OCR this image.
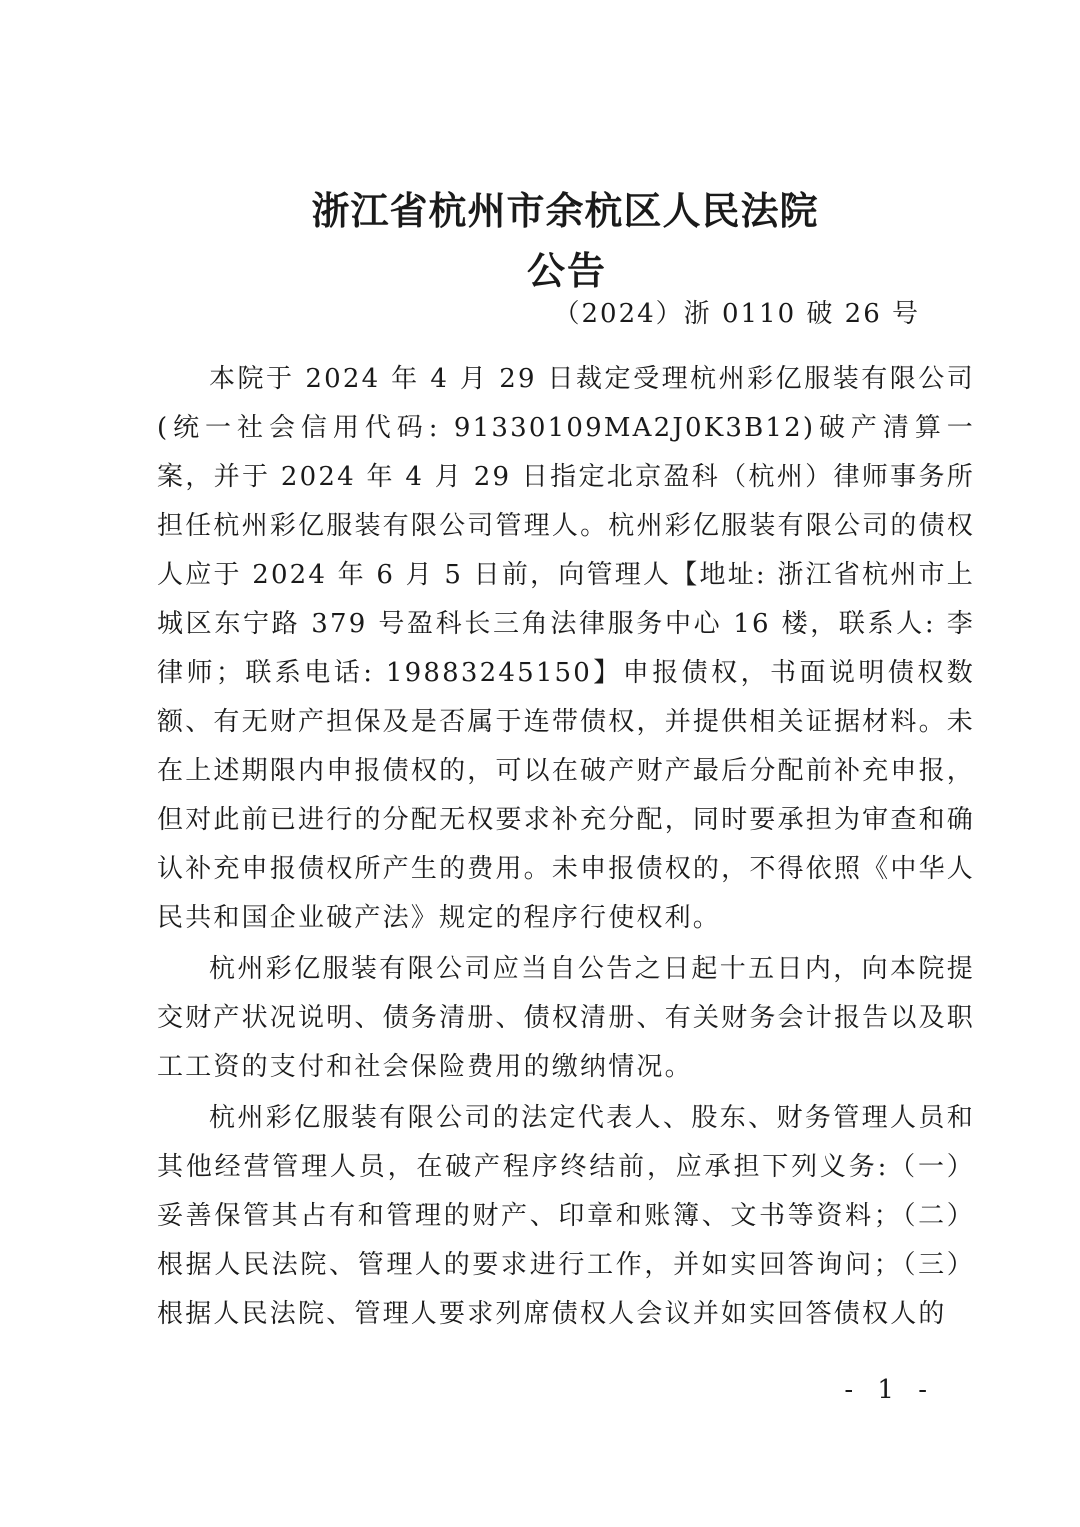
浙江省杭州市余杭区人民法院
公告
（2024）浙 0110 破 26 号

本院于 2024 年 4 月 29 日裁定受理杭州彩亿服装有限公司(统一社会信用代码: 91330109MA2J0K3B12)破产清算一案，并于 2024 年 4 月 29 日指定北京盈科（杭州）律师事务所担任杭州彩亿服装有限公司管理人。杭州彩亿服装有限公司的债权人应于 2024 年 6 月 5 日前，向管理人【地址: 浙江省杭州市上城区东宁路 379 号盈科长三角法律服务中心 16 楼，联系人: 李律师；联系电话: 19883245150】申报债权，书面说明债权数额、有无财产担保及是否属于连带债权，并提供相关证据材料。未在上述期限内申报债权的，可以在破产财产最后分配前补充申报，但对此前已进行的分配无权要求补充分配，同时要承担为审查和确认补充申报债权所产生的费用。未申报债权的，不得依照《中华人民共和国企业破产法》规定的程序行使权利。

杭州彩亿服装有限公司应当自公告之日起十五日内，向本院提交财产状况说明、债务清册、债权清册、有关财务会计报告以及职工工资的支付和社会保险费用的缴纳情况。

杭州彩亿服装有限公司的法定代表人、股东、财务管理人员和其他经营管理人员，在破产程序终结前，应承担下列义务:（一）妥善保管其占有和管理的财产、印章和账簿、文书等资料；（二）根据人民法院、管理人的要求进行工作，并如实回答询问；（三）根据人民法院、管理人要求列席债权人会议并如实回答债权人的

- 1 -
